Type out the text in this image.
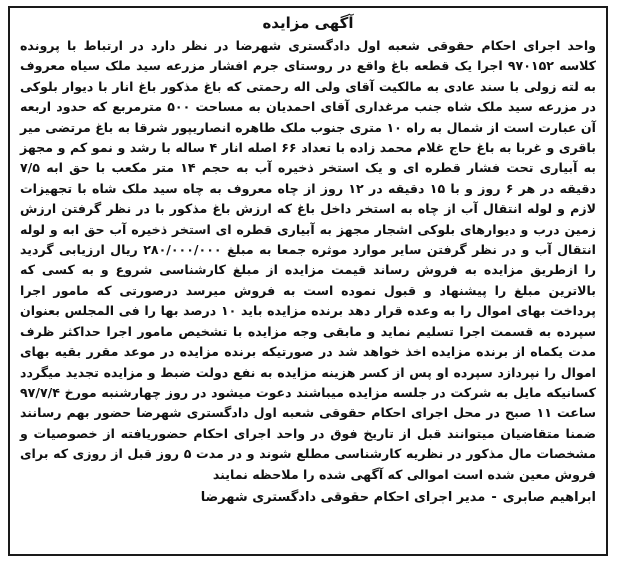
آگهی مزایده

واحد اجرای احکام حقوقی شعبه اول دادگستری شهرضا در نظر دارد در ارتباط با پرونده کلاسه ۹۷۰۱۵۲ اجرا یک قطعه باغ واقع در روستای جرم افشار مزرعه سید ملک سیاه معروف به لته زولی با سند عادی به مالکیت آقای ولی اله رحمتی که باغ مذکور باغ انار با دیوار بلوکی در مزرعه سید ملک شاه جنب مرغداری آقای احمدیان به مساحت ۵۰۰ مترمربع که حدود اربعه آن عبارت است از شمال به راه ۱۰ متری جنوب ملک طاهره انصاریپور شرقا به باغ مرتضی میر باقری و غربا به باغ حاج غلام محمد زاده با تعداد ۶۶ اصله انار ۴ ساله با رشد و نمو کم و مجهز به آبیاری تحت فشار قطره ای و یک استخر ذخیره آب به حجم ۱۴ متر مکعب با حق ابه ۷/۵ دقیقه در هر ۶ روز و با ۱۵ دقیقه در ۱۲ روز از چاه معروف به چاه سید ملک شاه با تجهیزات لازم و لوله انتقال آب از چاه به استخر داخل باغ که ارزش باغ مذکور با در نظر گرفتن ارزش زمین درب و دیوارهای بلوکی اشجار مجهز به آبیاری قطره ای استخر ذخیره آب حق ابه و لوله انتقال آب و در نظر گرفتن سایر موارد موثره جمعا به مبلغ ۲۸۰/۰۰۰/۰۰۰ ریال ارزیابی گردید را ازطریق مزایده به فروش رساند قیمت مزایده از مبلغ کارشناسی شروع و به کسی که بالاترین مبلغ را پیشنهاد و قبول نموده است به فروش میرسد درصورتی که مامور اجرا پرداخت بهای اموال را به وعده قرار دهد برنده مزایده باید ۱۰ درصد بها را فی المجلس بعنوان سپرده به قسمت اجرا تسلیم نماید و مابقی وجه مزایده با تشخیص مامور اجرا حداکثر ظرف مدت یکماه از برنده مزایده اخذ خواهد شد در صورتیکه برنده مزایده در موعد مقرر بقیه بهای اموال را نپردازد سپرده او پس از کسر هزینه مزایده به نفع دولت ضبط و مزایده تجدید میگردد کسانیکه مایل به شرکت در جلسه مزایده میباشند دعوت میشود در روز چهارشنبه مورخ ۹۷/۷/۴ ساعت ۱۱ صبح در محل اجرای احکام حقوقی شعبه اول دادگستری شهرضا حضور بهم رسانند ضمنا متقاضیان میتوانند قبل از تاریخ فوق در واحد اجرای احکام حضوریافته از خصوصیات و مشخصات مال مذکور در نظریه کارشناسی مطلع شوند و در مدت ۵ روز قبل از روزی که برای فروش معین شده است اموالی که آگهی شده را ملاحظه نمایند

ابراهیم صابری-مدیر اجرای احکام حقوقی دادگستری شهرضا
